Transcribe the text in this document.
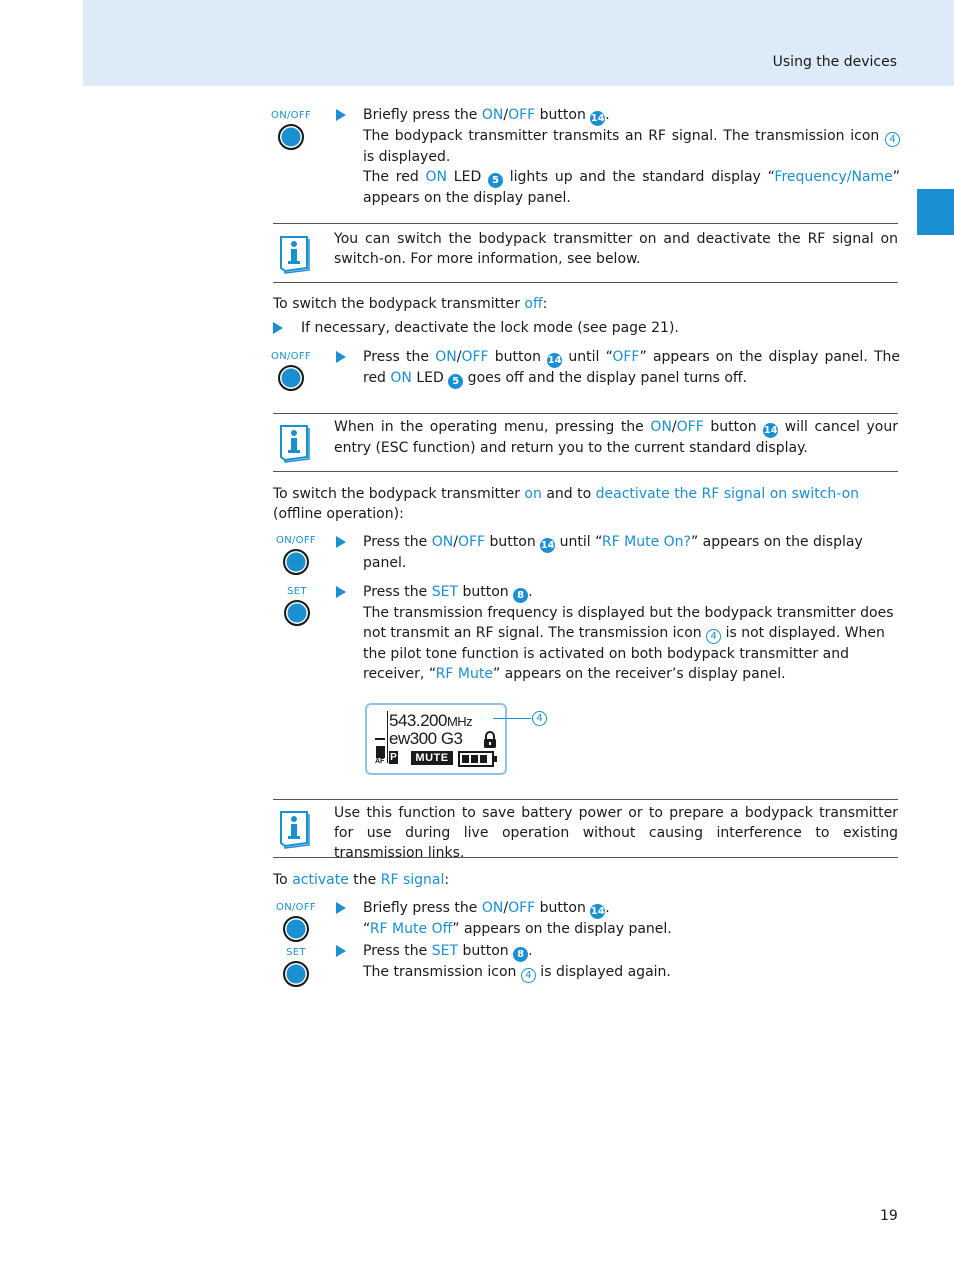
Using the devices
ON/OFF	Briefly press the ON/OFF button 14.
The bodypack transmitter transmits an RF signal. The transmission icon 4 is displayed.
The red ON LED 5 lights up and the standard display “Frequency/Name” appears on the display panel.
You can switch the bodypack transmitter on and deactivate the RF signal on switch-on. For more information, see below.
To switch the bodypack transmitter off:
If necessary, deactivate the lock mode (see page 21).
ON/OFF	Press the ON/OFF button 14 until “OFF” appears on the display panel. The red ON LED 5 goes off and the display panel turns off.
When in the operating menu, pressing the ON/OFF button 14 will cancel your entry (ESC function) and return you to the current standard display.
To switch the bodypack transmitter on and to deactivate the RF signal on switch-on (offline operation):
ON/OFF	Press the ON/OFF button 14 until “RF Mute On?” appears on the display panel.
SET	Press the SET button 8 .
The transmission frequency is displayed but the bodypack transmitter does not transmit an RF signal. The transmission icon 4 is not displayed. When the pilot tone function is activated on both bodypack transmitter and receiver, “RF Mute” appears on the receiver’s display panel.
AF
543.200MHz
ew300 G3
P	MUTE
4
Use this function to save battery power or to prepare a bodypack transmitter for use during live operation without causing interference to existing transmission links.
To activate the RF signal:
ON/OFF	Briefly press the ON/OFF button 14.
“RF Mute Off” appears on the display panel.
SET	Press the SET button 8 .
The transmission icon 4 is displayed again.
19
